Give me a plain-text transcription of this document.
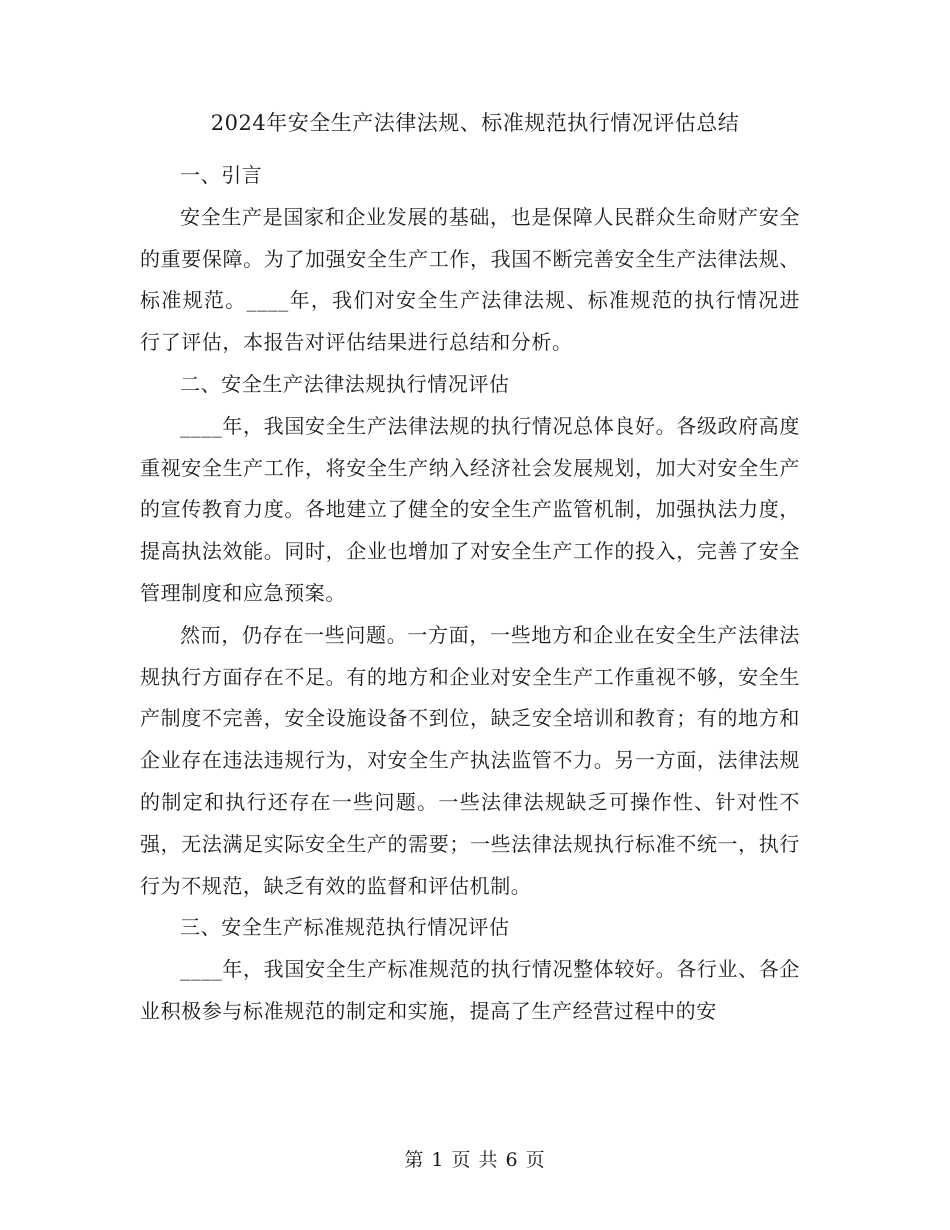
2024年安全生产法律法规、标准规范执行情况评估总结

一、引言

安全生产是国家和企业发展的基础，也是保障人民群众生命财产安全的重要保障。为了加强安全生产工作，我国不断完善安全生产法律法规、标准规范。____年，我们对安全生产法律法规、标准规范的执行情况进行了评估，本报告对评估结果进行总结和分析。

二、安全生产法律法规执行情况评估

____年，我国安全生产法律法规的执行情况总体良好。各级政府高度重视安全生产工作，将安全生产纳入经济社会发展规划，加大对安全生产的宣传教育力度。各地建立了健全的安全生产监管机制，加强执法力度，提高执法效能。同时，企业也增加了对安全生产工作的投入，完善了安全管理制度和应急预案。

然而，仍存在一些问题。一方面，一些地方和企业在安全生产法律法规执行方面存在不足。有的地方和企业对安全生产工作重视不够，安全生产制度不完善，安全设施设备不到位，缺乏安全培训和教育；有的地方和企业存在违法违规行为，对安全生产执法监管不力。另一方面，法律法规的制定和执行还存在一些问题。一些法律法规缺乏可操作性、针对性不强，无法满足实际安全生产的需要；一些法律法规执行标准不统一，执行行为不规范，缺乏有效的监督和评估机制。

三、安全生产标准规范执行情况评估

____年，我国安全生产标准规范的执行情况整体较好。各行业、各企业积极参与标准规范的制定和实施，提高了生产经营过程中的安

第 1 页 共 6 页
